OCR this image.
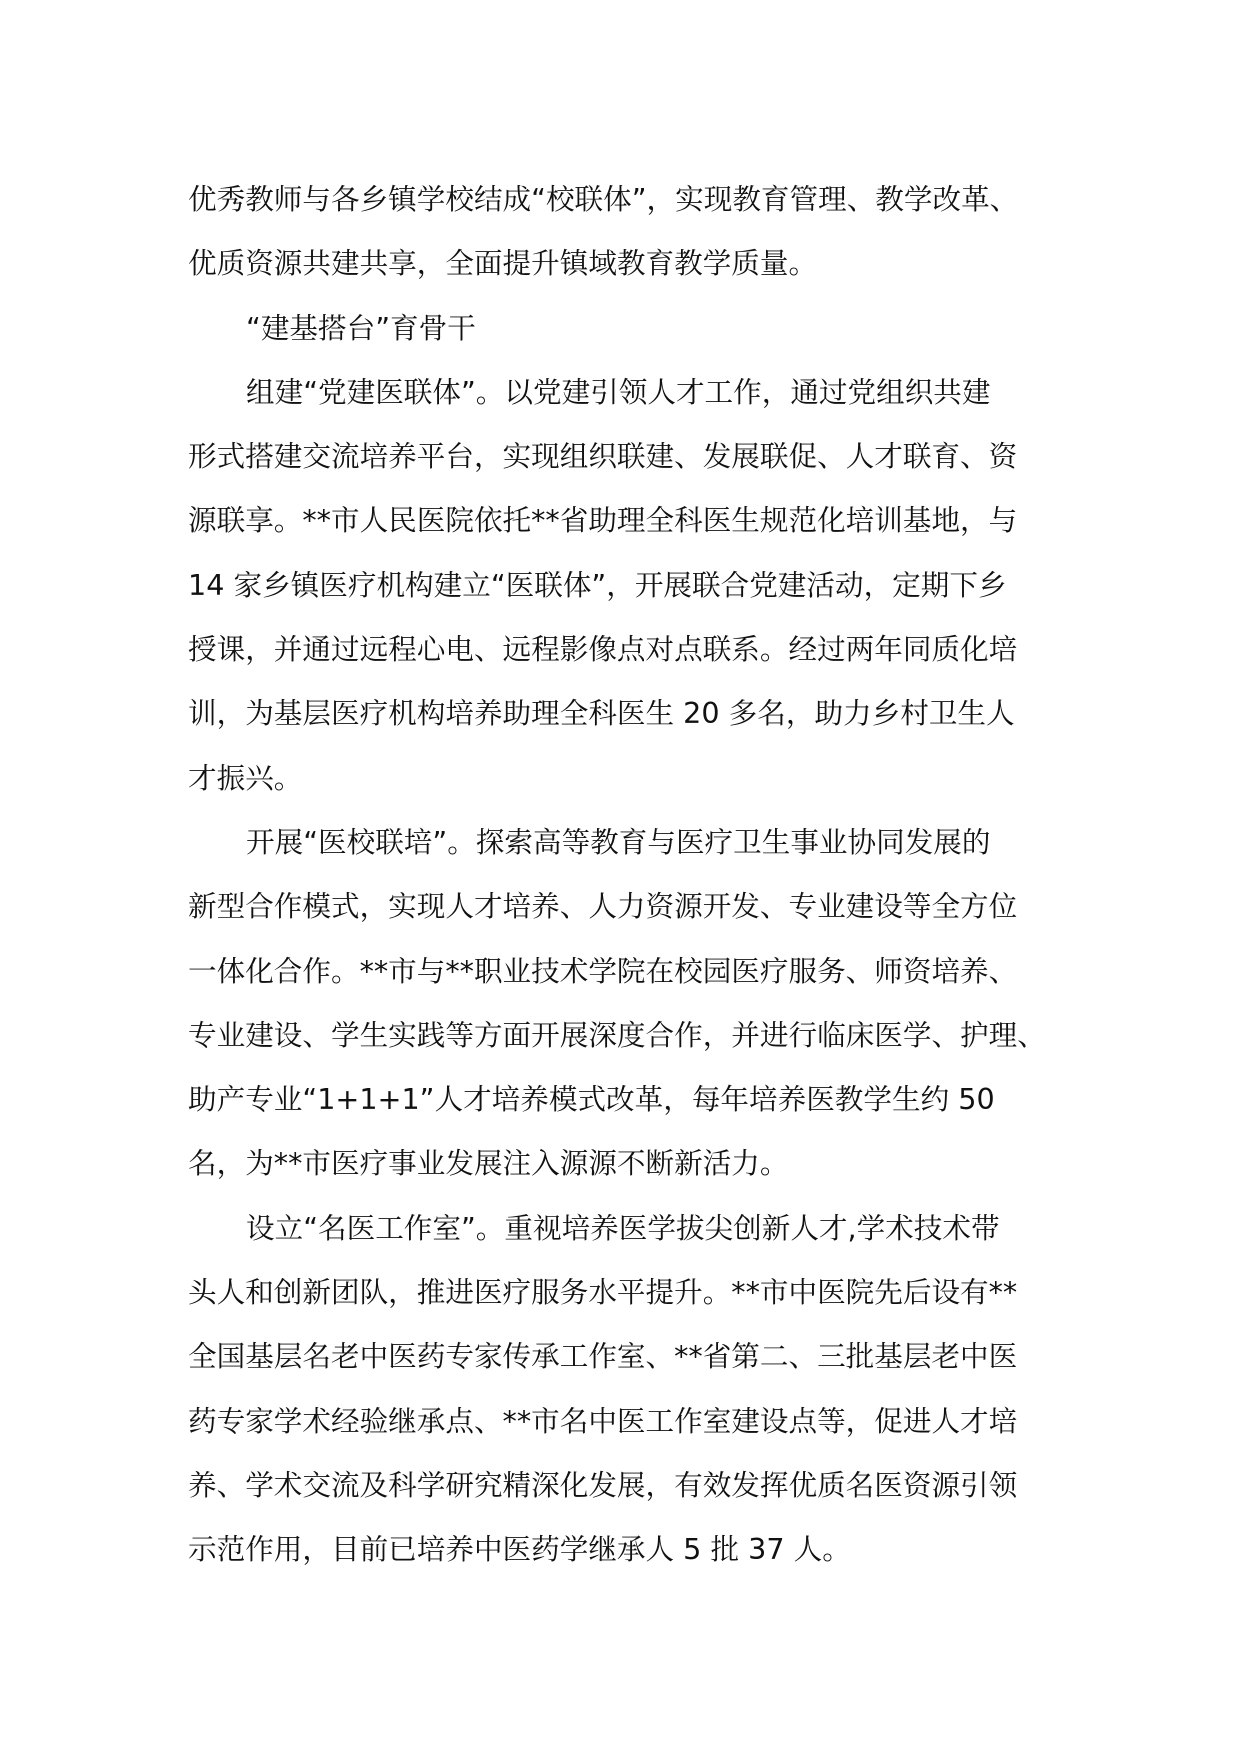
优秀教师与各乡镇学校结成“校联体”，实现教育管理、教学改革、
优质资源共建共享，全面提升镇域教育教学质量。
“建基搭台”育骨干
组建“党建医联体”。以党建引领人才工作，通过党组织共建
形式搭建交流培养平台，实现组织联建、发展联促、人才联育、资
源联享。**市人民医院依托**省助理全科医生规范化培训基地，与
14 家乡镇医疗机构建立“医联体”，开展联合党建活动，定期下乡
授课，并通过远程心电、远程影像点对点联系。经过两年同质化培
训，为基层医疗机构培养助理全科医生 20 多名，助力乡村卫生人
才振兴。
开展“医校联培”。探索高等教育与医疗卫生事业协同发展的
新型合作模式，实现人才培养、人力资源开发、专业建设等全方位
一体化合作。**市与**职业技术学院在校园医疗服务、师资培养、
专业建设、学生实践等方面开展深度合作，并进行临床医学、护理、
助产专业“1+1+1”人才培养模式改革，每年培养医教学生约 50
名，为**市医疗事业发展注入源源不断新活力。
设立“名医工作室”。重视培养医学拔尖创新人才,学术技术带
头人和创新团队，推进医疗服务水平提升。**市中医院先后设有**
全国基层名老中医药专家传承工作室、**省第二、三批基层老中医
药专家学术经验继承点、**市名中医工作室建设点等，促进人才培
养、学术交流及科学研究精深化发展，有效发挥优质名医资源引领
示范作用，目前已培养中医药学继承人 5 批 37 人。
